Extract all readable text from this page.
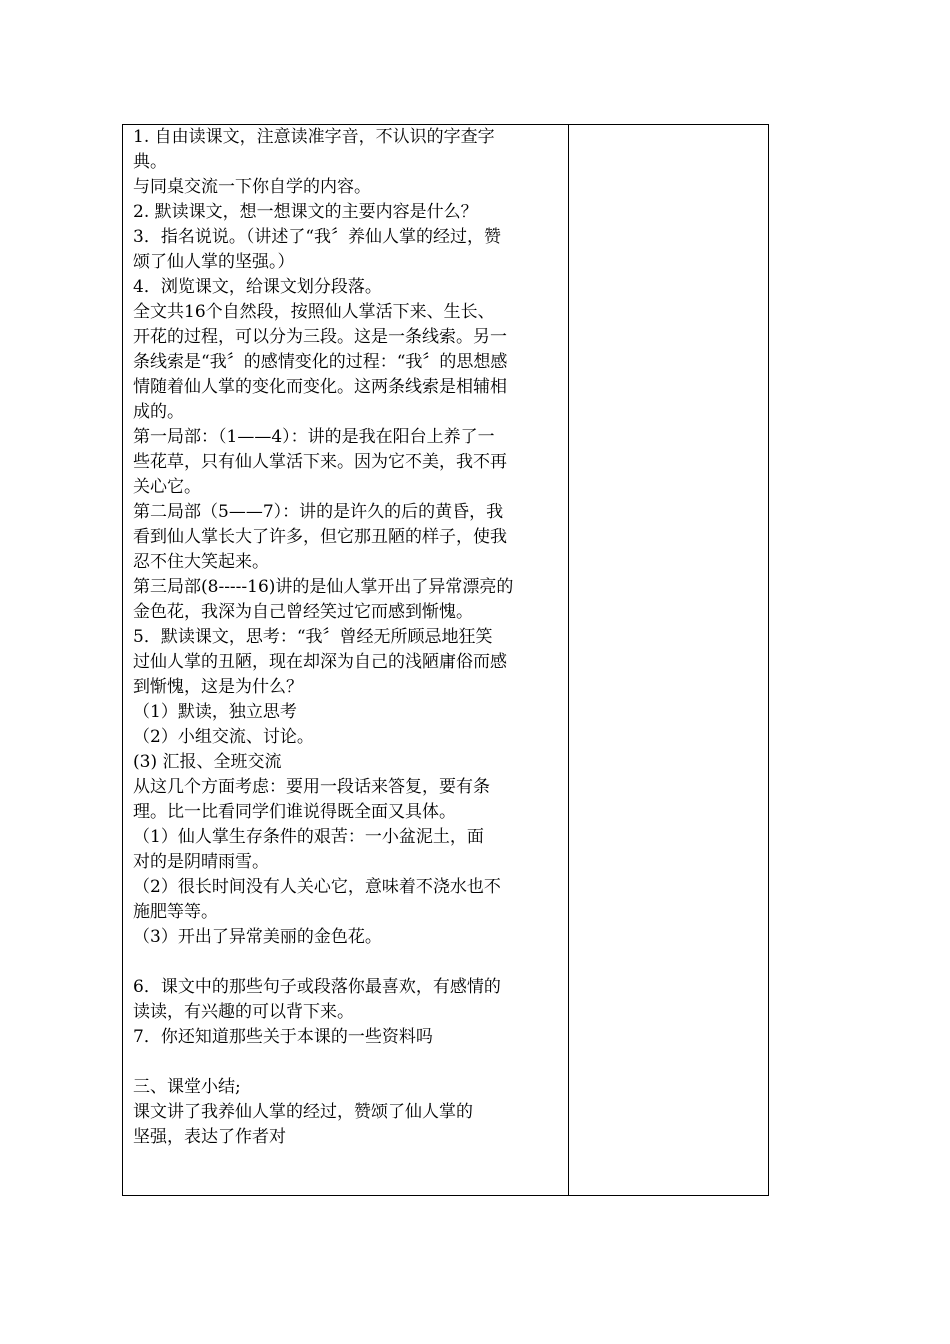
1. 自由读课文，注意读准字音，不认识的字查字
典。
与同桌交流一下你自学的内容。
2. 默读课文，想一想课文的主要内容是什么？
3．指名说说。（讲述了“我〞养仙人掌的经过，赞
颂了仙人掌的坚强。）
4．浏览课文，给课文划分段落。
全文共16个自然段，按照仙人掌活下来、生长、
开花的过程，可以分为三段。这是一条线索。另一
条线索是“我〞的感情变化的过程：“我〞的思想感
情随着仙人掌的变化而变化。这两条线索是相辅相
成的。
第一局部：（1——4）：讲的是我在阳台上养了一
些花草，只有仙人掌活下来。因为它不美，我不再
关心它。
第二局部（5——7）：讲的是许久的后的黄昏，我
看到仙人掌长大了许多，但它那丑陋的样子，使我
忍不住大笑起来。
第三局部(8-----16)讲的是仙人掌开出了异常漂亮的
金色花，我深为自己曾经笑过它而感到惭愧。
5．默读课文，思考：“我〞曾经无所顾忌地狂笑
过仙人掌的丑陋，现在却深为自己的浅陋庸俗而感
到惭愧，这是为什么？
（1）默读，独立思考
（2）小组交流、讨论。
(3) 汇报、全班交流
从这几个方面考虑：要用一段话来答复，要有条
理。比一比看同学们谁说得既全面又具体。
（1）仙人掌生存条件的艰苦：一小盆泥土，面
对的是阴晴雨雪。
（2）很长时间没有人关心它，意味着不浇水也不
施肥等等。
（3）开出了异常美丽的金色花。
6．课文中的那些句子或段落你最喜欢，有感情的
读读，有兴趣的可以背下来。
7．你还知道那些关于本课的一些资料吗
三、课堂小结;
课文讲了我养仙人掌的经过，赞颂了仙人掌的
坚强，表达了作者对
